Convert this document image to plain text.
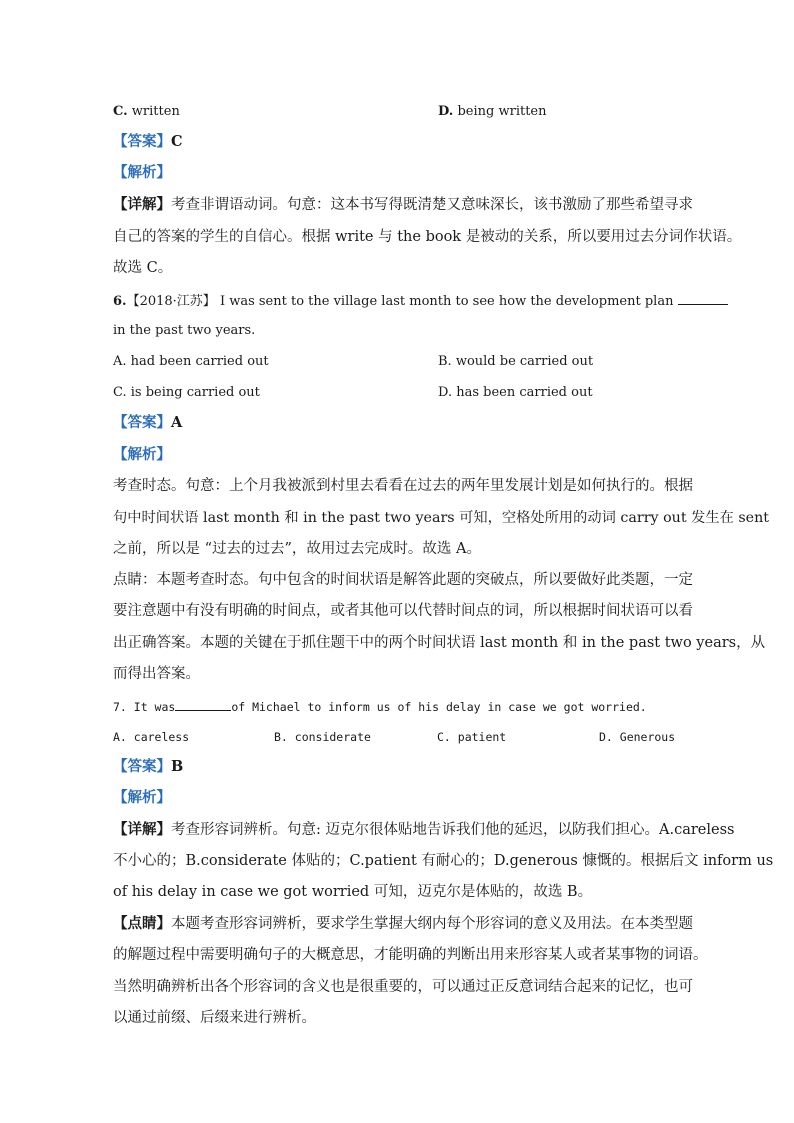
C. written	D. being written
【答案】C
【解析】
【详解】考查非谓语动词。句意：这本书写得既清楚又意味深长，该书激励了那些希望寻求
自己的答案的学生的自信心。根据 write 与 the book 是被动的关系，所以要用过去分词作状语。
故选 C。
6.【2018·江苏】 I was sent to the village last month to see how the development plan
in the past two years.
A. had been carried out	B. would be carried out
C. is being carried out	D. has been carried out
【答案】A
【解析】
考查时态。句意：上个月我被派到村里去看看在过去的两年里发展计划是如何执行的。根据
句中时间状语 last month 和 in the past two years 可知，空格处所用的动词 carry out 发生在 sent
之前，所以是 “过去的过去”，故用过去完成时。故选 A。
点睛：本题考查时态。句中包含的时间状语是解答此题的突破点，所以要做好此类题，一定
要注意题中有没有明确的时间点，或者其他可以代替时间点的词，所以根据时间状语可以看
出正确答案。本题的关键在于抓住题干中的两个时间状语 last month 和 in the past two years，从
而得出答案。
7. It was	of Michael to inform us of his delay in case we got worried.
A. careless	B. considerate	C. patient	D. Generous
【答案】B
【解析】
【详解】考查形容词辨析。句意: 迈克尔很体贴地告诉我们他的延迟，以防我们担心。A.careless
不小心的；B.considerate 体贴的；C.patient 有耐心的；D.generous 慷慨的。根据后文 inform us
of his delay in case we got worried 可知，迈克尔是体贴的，故选 B。
【点睛】本题考查形容词辨析，要求学生掌握大纲内每个形容词的意义及用法。在本类型题
的解题过程中需要明确句子的大概意思，才能明确的判断出用来形容某人或者某事物的词语。
当然明确辨析出各个形容词的含义也是很重要的，可以通过正反意词结合起来的记忆，也可
以通过前缀、后缀来进行辨析。
